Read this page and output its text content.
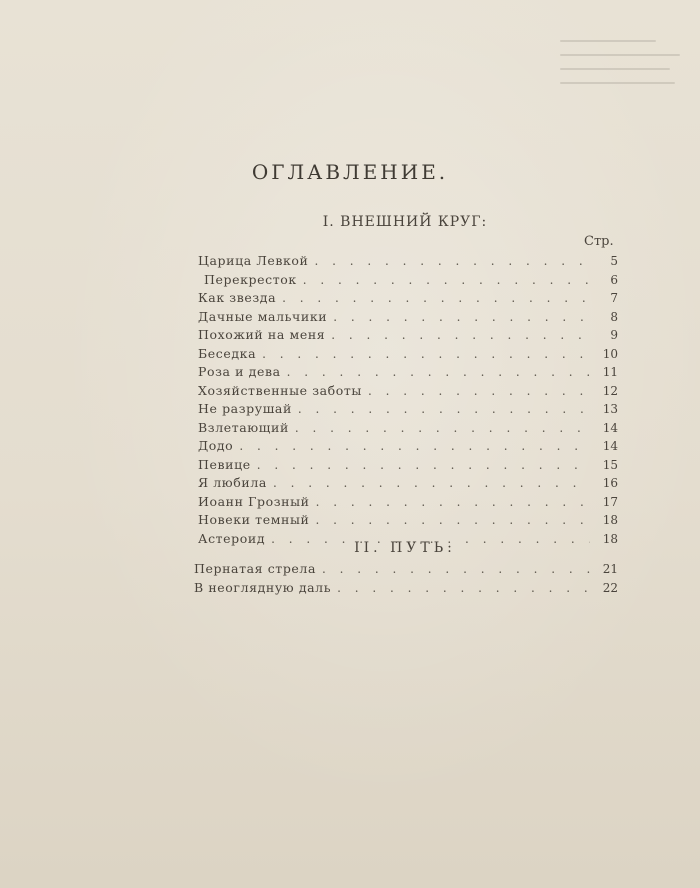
ОГЛАВЛЕНИЕ.
I. ВНЕШНИЙ КРУГ:
Стр.
Царица Левкой . . .	5
Перекресток . . .	6
Как звезда . . .	7
Дачные мальчики . . .	8
Похожий на меня . . .	9
Беседка . . .	10
Роза и дева . . .	11
Хозяйственные заботы . . .	12
Не разрушай . . .	13
Взлетающий . . .	14
Додо . . .	14
Певице . . .	15
Я любила . . .	16
Иоанн Грозный . . .	17
Новеки темный . . .	18
Астероид . . .	18
II. ПУТЬ:
Пернатая стрела . . .	21
В неоглядную даль . . .	22
